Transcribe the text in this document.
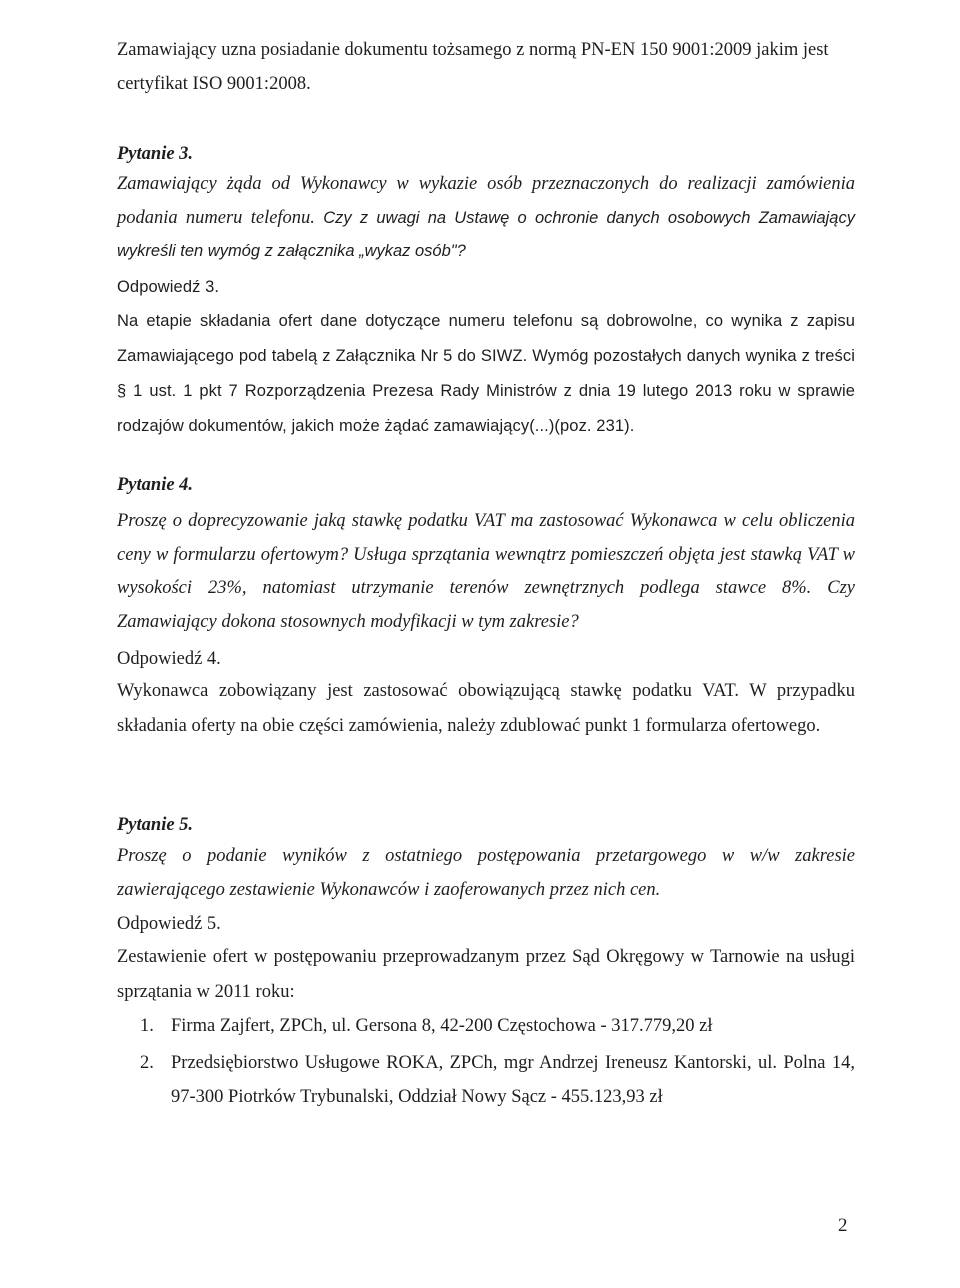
Zamawiający uzna posiadanie dokumentu tożsamego z normą PN-EN 150 9001:2009 jakim jest certyfikat ISO 9001:2008.

Pytanie 3.

Zamawiający żąda od Wykonawcy w wykazie osób przeznaczonych do realizacji zamówienia podania numeru telefonu. Czy z uwagi na Ustawę o ochronie danych osobowych Zamawiający wykreśli ten wymóg z załącznika „wykaz osób"?

Odpowiedź 3.

Na etapie składania ofert dane dotyczące numeru telefonu są dobrowolne, co wynika z zapisu Zamawiającego pod tabelą z Załącznika Nr 5 do SIWZ. Wymóg pozostałych danych wynika z treści § 1 ust. 1 pkt 7 Rozporządzenia Prezesa Rady Ministrów z dnia 19 lutego 2013 roku w sprawie rodzajów dokumentów, jakich może żądać zamawiający(...)(poz. 231).

Pytanie 4.

Proszę o doprecyzowanie jaką stawkę podatku VAT ma zastosować Wykonawca w celu obliczenia ceny w formularzu ofertowym? Usługa sprzątania wewnątrz pomieszczeń objęta jest stawką VAT w wysokości 23%, natomiast utrzymanie terenów zewnętrznych podlega stawce 8%. Czy Zamawiający dokona stosownych modyfikacji w tym zakresie?

Odpowiedź 4.

Wykonawca zobowiązany jest zastosować obowiązującą stawkę podatku VAT. W przypadku składania oferty na obie części zamówienia, należy zdublować punkt 1 formularza ofertowego.

Pytanie 5.

Proszę o podanie wyników z ostatniego postępowania przetargowego w w/w zakresie zawierającego zestawienie Wykonawców i zaoferowanych przez nich cen.

Odpowiedź 5.

Zestawienie ofert w postępowaniu przeprowadzanym przez Sąd Okręgowy w Tarnowie na usługi sprzątania w 2011 roku:

1. Firma Zajfert, ZPCh, ul. Gersona 8, 42-200 Częstochowa - 317.779,20 zł
2. Przedsiębiorstwo Usługowe ROKA, ZPCh, mgr Andrzej Ireneusz Kantorski, ul. Polna 14, 97-300 Piotrków Trybunalski, Oddział Nowy Sącz - 455.123,93 zł
2
